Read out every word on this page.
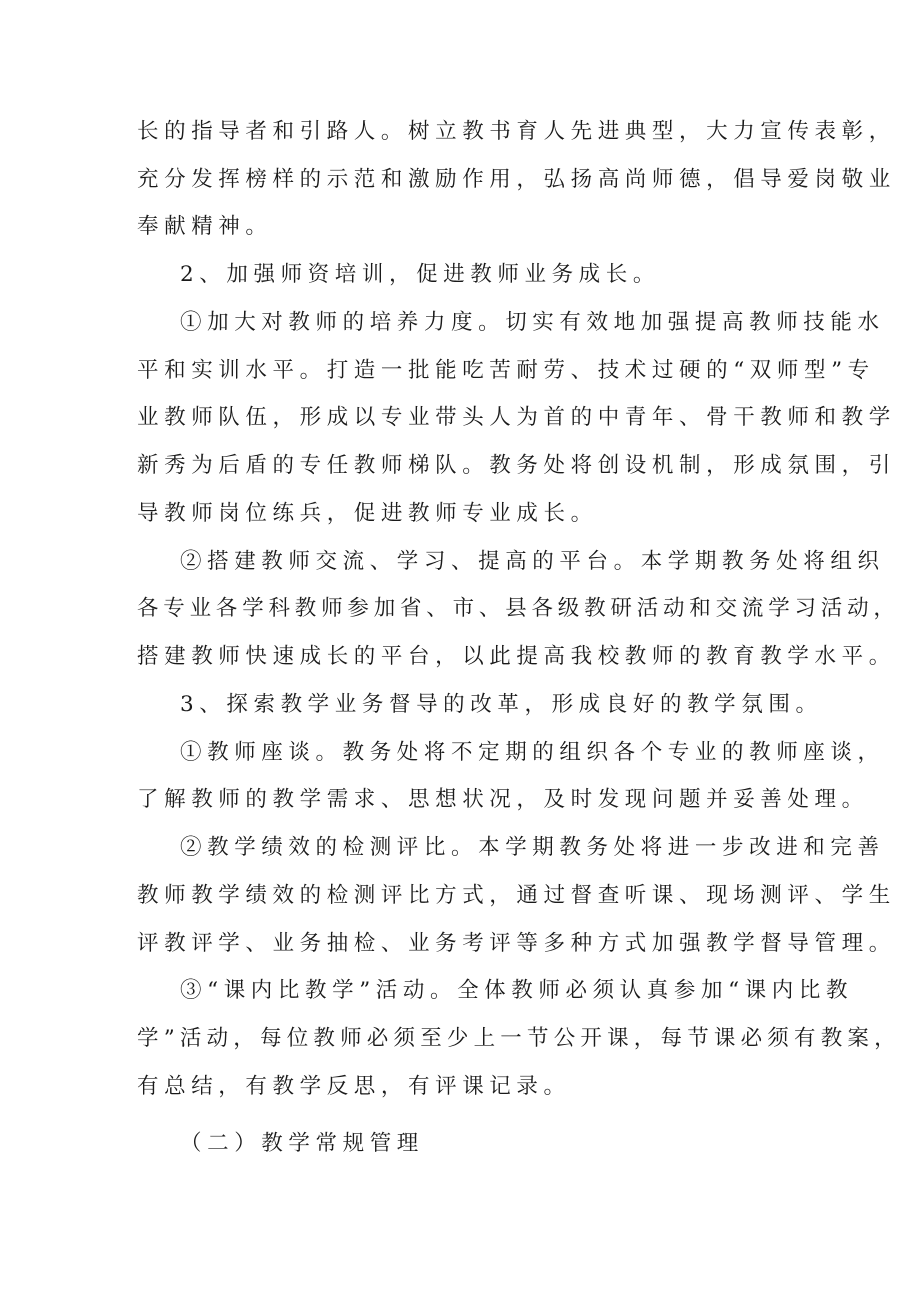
长的指导者和引路人。树立教书育人先进典型，大力宣传表彰，

充分发挥榜样的示范和激励作用，弘扬高尚师德，倡导爱岗敬业

奉献精神。

2、加强师资培训，促进教师业务成长。

①加大对教师的培养力度。切实有效地加强提高教师技能水

平和实训水平。打造一批能吃苦耐劳、技术过硬的“双师型”专

业教师队伍，形成以专业带头人为首的中青年、骨干教师和教学

新秀为后盾的专任教师梯队。教务处将创设机制，形成氛围，引

导教师岗位练兵，促进教师专业成长。

②搭建教师交流、学习、提高的平台。本学期教务处将组织

各专业各学科教师参加省、市、县各级教研活动和交流学习活动，

搭建教师快速成长的平台，以此提高我校教师的教育教学水平。

3、探索教学业务督导的改革，形成良好的教学氛围。

①教师座谈。教务处将不定期的组织各个专业的教师座谈，

了解教师的教学需求、思想状况，及时发现问题并妥善处理。

②教学绩效的检测评比。本学期教务处将进一步改进和完善

教师教学绩效的检测评比方式，通过督查听课、现场测评、学生

评教评学、业务抽检、业务考评等多种方式加强教学督导管理。

③“课内比教学”活动。全体教师必须认真参加“课内比教

学”活动，每位教师必须至少上一节公开课，每节课必须有教案，

有总结，有教学反思，有评课记录。

（二）教学常规管理
